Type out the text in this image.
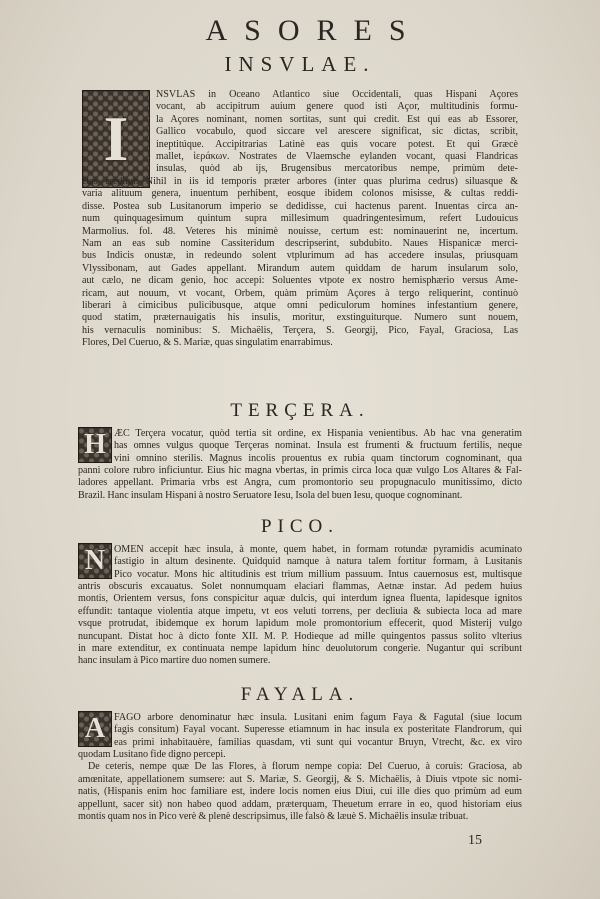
ASORES
INSVLAE.
I
NSVLAS in Oceano Atlantico siue Occidentali, quas Hispani Açores
vocant, ab accipitrum auium genere quod isti Açor, multitudinis formu-
la Açores nominant, nomen sortitas, sunt qui credit. Est qui eas ab Essorer,
Gallico vocabulo, quod siccare vel arescere significat, sic dictas, scribit,
ineptitúque. Accipitrarias Latinè eas quis vocare potest. Et qui Græcè
mallet, ἱεράκων. Nostrates de Vlaemsche eylanden vocant, quasi Flandricas
insulas, quòd ab ijs, Brugensibus mercatoribus nempe, primùm dete-
ctas creditur. Nihil in iis id temporis præter arbores (inter quas plurima cedrus) siluasque &
varia alituum genera, inuentum perhibent, eosque ibidem colonos misisse, & cultas reddi-
disse. Postea sub Lusitanorum imperio se dedidisse, cui hactenus parent. Inuentas circa an-
num quinquagesimum quintum supra millesimum quadringentesimum, refert Ludouicus
Marmolius. fol. 48. Veteres his minimè nouisse, certum est: nominauerint ne, incertum.
Nam an eas sub nomine Cassiteridum descripserint, subdubito. Naues Hispanicæ merci-
bus Indicis onustæ, in redeundo solent vtplurimum ad has accedere insulas, priusquam
Vlyssibonam, aut Gades appellant. Mirandum autem quiddam de harum insularum solo,
aut cælo, ne dicam genio, hoc accepi: Soluentes vtpote ex nostro hemisphærio versus Ame-
ricam, aut nouum, vt vocant, Orbem, quàm primùm Açores à tergo reliquerint, continuò
liberari à cimicibus pulicibusque, atque omni pediculorum homines infestantium genere,
quod statim, præternauigatis his insulis, moritur, exstinguiturque. Numero sunt nouem,
his vernaculis nominibus: S. Michaëlis, Terçera, S. Georgij, Pico, Fayal, Graciosa, Las
Flores, Del Cueruo, & S. Mariæ, quas singulatim enarrabimus.
TERÇERA.
H ÆC Terçera vocatur, quòd tertia sit ordine, ex Hispania venientibus. Ab hac vna generatim
has omnes vulgus quoque Terçeras nominat. Insula est frumenti & fructuum fertilis, neque
vini omnino sterilis. Magnus incolis prouentus ex rubia quam tinctorum cognominant, qua
panni colore rubro inficiuntur. Eius hic magna vbertas, in primis circa loca quæ vulgo Los Altares & Fal-
ladores appellant. Primaria vrbs est Angra, cum promontorio seu propugnaculo munitissimo, dicto
Brazil. Hanc insulam Hispani à nostro Seruatore Iesu, Isola del buen Iesu, quoque cognominant.
PICO.
N OMEN accepit hæc insula, à monte, quem habet, in formam rotundæ pyramidis acuminato
fastigio in altum desinente. Quidquid namque à natura talem fortitur formam, à Lusitanis
Pico vocatur. Mons hic altitudinis est trium millium passuum. Intus cauernosus est, multisque
antris obscuris excauatus. Solet nonnumquam elaciari flammas, Aetnæ instar. Ad pedem huius
montis, Orientem versus, fons conspicitur aquæ dulcis, qui interdum ignea fluenta, lapidesque ignitos
effundit: tantaque violentia atque impetu, vt eos veluti torrens, per decliuia & subiecta loca ad mare
vsque protrudat, ibidemque ex horum lapidum mole promontorium effecerit, quod Misterij vulgo
nuncupant. Distat hoc à dicto fonte XII. M. P. Hodieque ad mille quingentos passus solito vlterius
in mare extenditur, ex continuata nempe lapidum hinc deuolutorum congerie. Nugantur qui scribunt
hanc insulam à Pico martire duo nomen sumere.
FAYALA.
A FAGO arbore denominatur hæc insula. Lusitani enim fagum Faya & Fagutal (siue locum
fagis consitum) Fayal vocant. Superesse etiamnum in hac insula ex posteritate Flandrorum, qui
eas primi inhabitauère, familias quasdam, vti sunt qui vocantur Bruyn, Vtrecht, &c. ex viro
quodam Lusitano fide digno percepi.
De ceteris, nempe quæ De las Flores, à florum nempe copia: Del Cueruo, à coruis: Graciosa, ab
amœnitate, appellationem sumsere: aut S. Mariæ, S. Georgij, & S. Michaëlis, à Diuis vtpote sic nomi-
natis, (Hispanis enim hoc familiare est, indere locis nomen eius Diui, cui ille dies quo primùm ad eum
appellunt, sacer sit) non habeo quod addam, præterquam, Theuetum errare in eo, quod historiam eius
montis quam nos in Pico verè & plenè descripsimus, ille falsò & læuè S. Michaëlis insulæ tribuat.
15
